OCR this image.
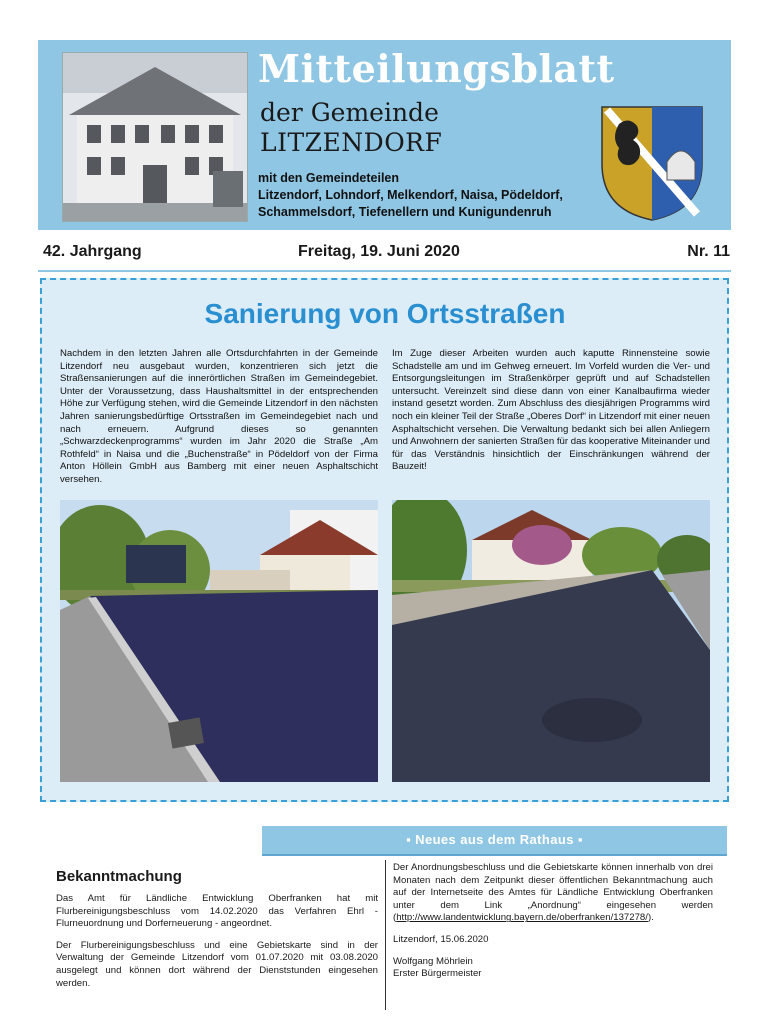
Mitteilungsblatt
der Gemeinde
LITZENDORF
mit den Gemeindeteilen
Litzendorf, Lohndorf, Melkendorf, Naisa, Pödeldorf,
Schammelsdorf, Tiefenellern und Kunigundenruh
42. Jahrgang	Freitag, 19. Juni 2020	Nr. 11
Sanierung von Ortsstraßen
Nachdem in den letzten Jahren alle Ortsdurchfahrten in der Gemeinde Litzendorf neu ausgebaut wurden, konzentrieren sich jetzt die Straßensanierungen auf die innerörtlichen Straßen im Gemeindegebiet. Unter der Voraussetzung, dass Haushaltsmittel in der entsprechenden Höhe zur Verfügung stehen, wird die Gemeinde Litzendorf in den nächsten Jahren sanierungsbedürftige Ortsstraßen im Gemeindegebiet nach und nach erneuern. Aufgrund dieses so genannten „Schwarzdeckenprogramms“ wurden im Jahr 2020 die Straße „Am Rothfeld“ in Naisa und die „Buchenstraße“ in Pödeldorf von der Firma Anton Höllein GmbH aus Bamberg mit einer neuen Asphaltschicht versehen.
Im Zuge dieser Arbeiten wurden auch kaputte Rinnensteine sowie Schadstelle am und im Gehweg erneuert. Im Vorfeld wurden die Ver- und Entsorgungsleitungen im Straßenkörper geprüft und auf Schadstellen untersucht. Vereinzelt sind diese dann von einer Kanalbaufirma wieder instand gesetzt worden. Zum Abschluss des diesjährigen Programms wird noch ein kleiner Teil der Straße „Oberes Dorf“ in Litzendorf mit einer neuen Asphaltschicht versehen. Die Verwaltung bedankt sich bei allen Anliegern und Anwohnern der sanierten Straßen für das kooperative Miteinander und für das Verständnis hinsichtlich der Einschränkungen während der Bauzeit!
▪ Neues aus dem Rathaus ▪
Bekanntmachung

Das Amt für Ländliche Entwicklung Oberfranken hat mit Flurbereinigungsbeschluss vom 14.02.2020 das Verfahren Ehrl - Flurneuordnung und Dorferneuerung - angeordnet.

Der Flurbereinigungsbeschluss und eine Gebietskarte sind in der Verwaltung der Gemeinde Litzendorf vom 01.07.2020 mit 03.08.2020 ausgelegt und können dort während der Dienststunden eingesehen werden.

Der Anordnungsbeschluss und die Gebietskarte können innerhalb von drei Monaten nach dem Zeitpunkt dieser öffentlichen Bekanntmachung auch auf der Internetseite des Amtes für Ländliche Entwicklung Oberfranken unter dem Link „Anordnung“ eingesehen werden (http://www.landentwicklung.bayern.de/oberfranken/137278/).

Litzendorf, 15.06.2020

Wolfgang Möhrlein
Erster Bürgermeister
